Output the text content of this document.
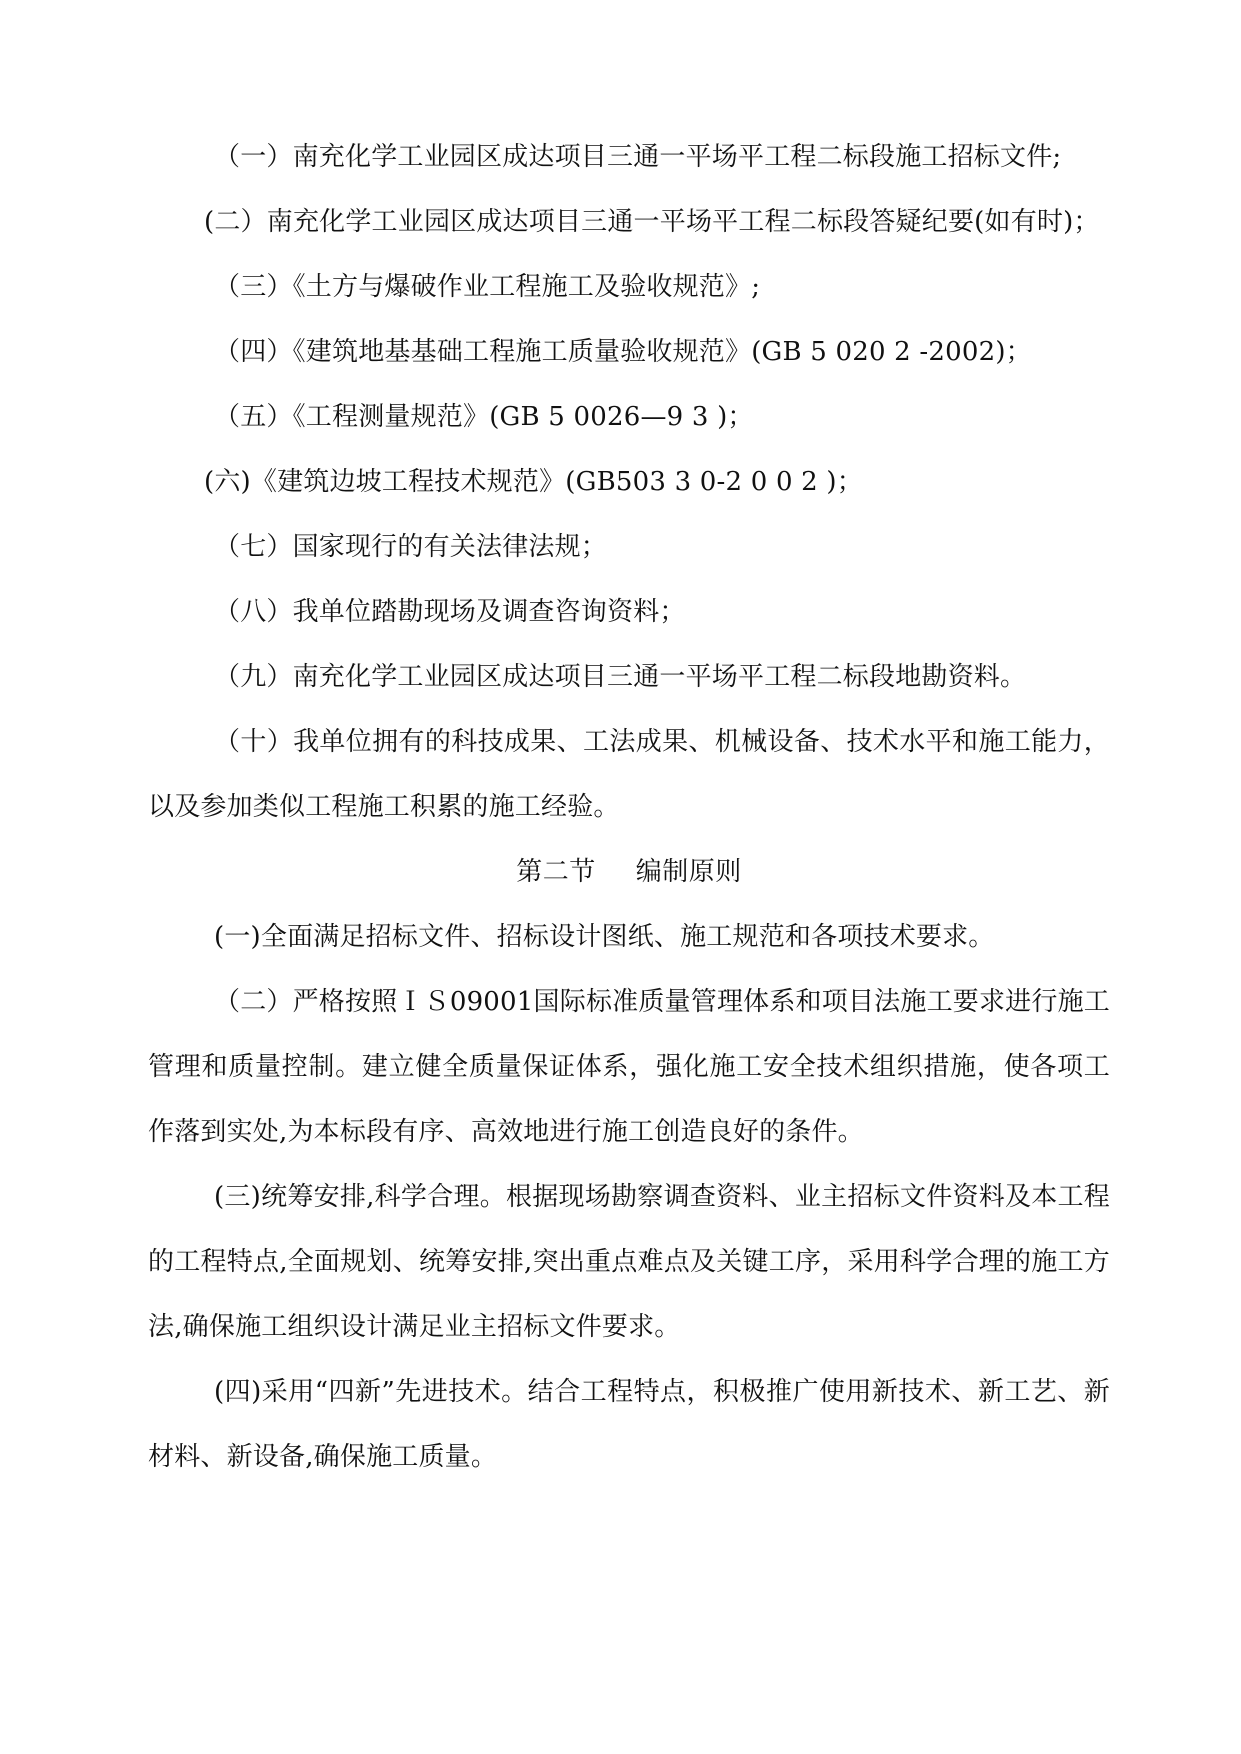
（一）南充化学工业园区成达项目三通一平场平工程二标段施工招标文件;

(二）南充化学工业园区成达项目三通一平场平工程二标段答疑纪要(如有时)；

（三）《土方与爆破作业工程施工及验收规范》;

（四）《建筑地基基础工程施工质量验收规范》(GB 5 020 2 -2002)；

（五）《工程测量规范》(GB 5 0026—9 3 )；

(六)《建筑边坡工程技术规范》(GB503 3 0-2 0 0 2 )；

（七）国家现行的有关法律法规；

（八）我单位踏勘现场及调查咨询资料；

（九）南充化学工业园区成达项目三通一平场平工程二标段地勘资料。

（十）我单位拥有的科技成果、工法成果、机械设备、技术水平和施工能力，以及参加类似工程施工积累的施工经验。

第二节 编制原则

(一)全面满足招标文件、招标设计图纸、施工规范和各项技术要求。

（二）严格按照ＩＳ09001国际标准质量管理体系和项目法施工要求进行施工管理和质量控制。建立健全质量保证体系，强化施工安全技术组织措施，使各项工作落到实处,为本标段有序、高效地进行施工创造良好的条件。

(三)统筹安排,科学合理。根据现场勘察调查资料、业主招标文件资料及本工程的工程特点,全面规划、统筹安排,突出重点难点及关键工序，采用科学合理的施工方法,确保施工组织设计满足业主招标文件要求。

(四)采用“四新”先进技术。结合工程特点，积极推广使用新技术、新工艺、新材料、新设备,确保施工质量。
